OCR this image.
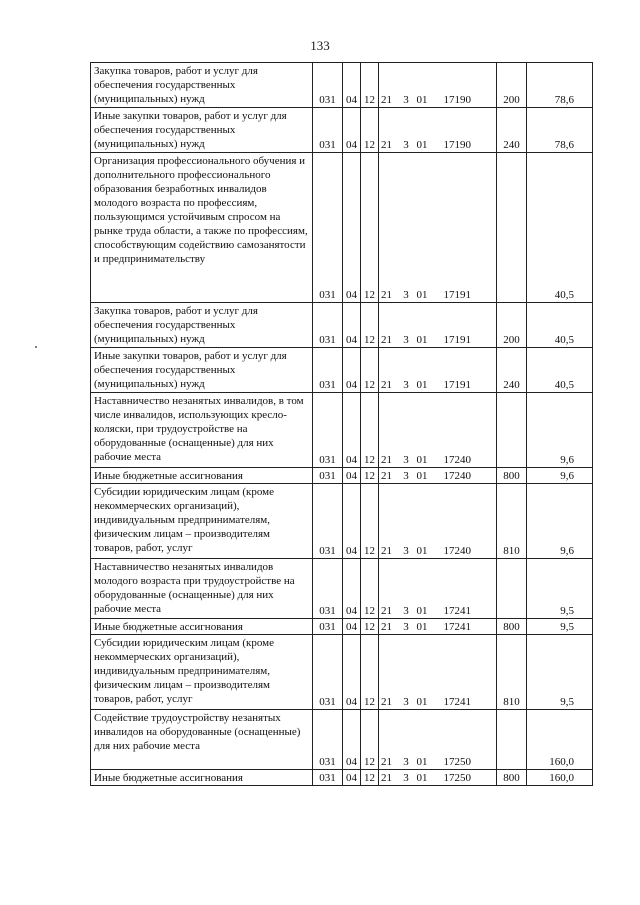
133
Закупка товаров, работ и услуг для обеспечения государственных (муниципальных) нужд	031	04	12	21 3 01 17190	200	78,6
Иные закупки товаров, работ и услуг для обеспечения государственных (муниципальных) нужд	031	04	12	21 3 01 17190	240	78,6
Организация профессионального обучения и дополнительного профессионального образования безработных инвалидов молодого возраста по профессиям, пользующимся устойчивым спросом на рынке труда области, а также по профессиям, способствующим содействию самозанятости и предпринимательству	031	04	12	21 3 01 17191		40,5
Закупка товаров, работ и услуг для обеспечения государственных (муниципальных) нужд	031	04	12	21 3 01 17191	200	40,5
Иные закупки товаров, работ и услуг для обеспечения государственных (муниципальных) нужд	031	04	12	21 3 01 17191	240	40,5
Наставничество незанятых инвалидов, в том числе инвалидов, использующих кресло-коляски, при трудоустройстве на оборудованные (оснащенные) для них рабочие места	031	04	12	21 3 01 17240		9,6
Иные бюджетные ассигнования	031	04	12	21 3 01 17240	800	9,6
Субсидии юридическим лицам (кроме некоммерческих организаций), индивидуальным предпринимателям, физическим лицам – производителям товаров, работ, услуг	031	04	12	21 3 01 17240	810	9,6
Наставничество незанятых инвалидов молодого возраста при трудоустройстве на оборудованные (оснащенные) для них рабочие места	031	04	12	21 3 01 17241		9,5
Иные бюджетные ассигнования	031	04	12	21 3 01 17241	800	9,5
Субсидии юридическим лицам (кроме некоммерческих организаций), индивидуальным предпринимателям, физическим лицам – производителям товаров, работ, услуг	031	04	12	21 3 01 17241	810	9,5
Содействие трудоустройству незанятых инвалидов на оборудованные (оснащенные) для них рабочие места	031	04	12	21 3 01 17250		160,0
Иные бюджетные ассигнования	031	04	12	21 3 01 17250	800	160,0
